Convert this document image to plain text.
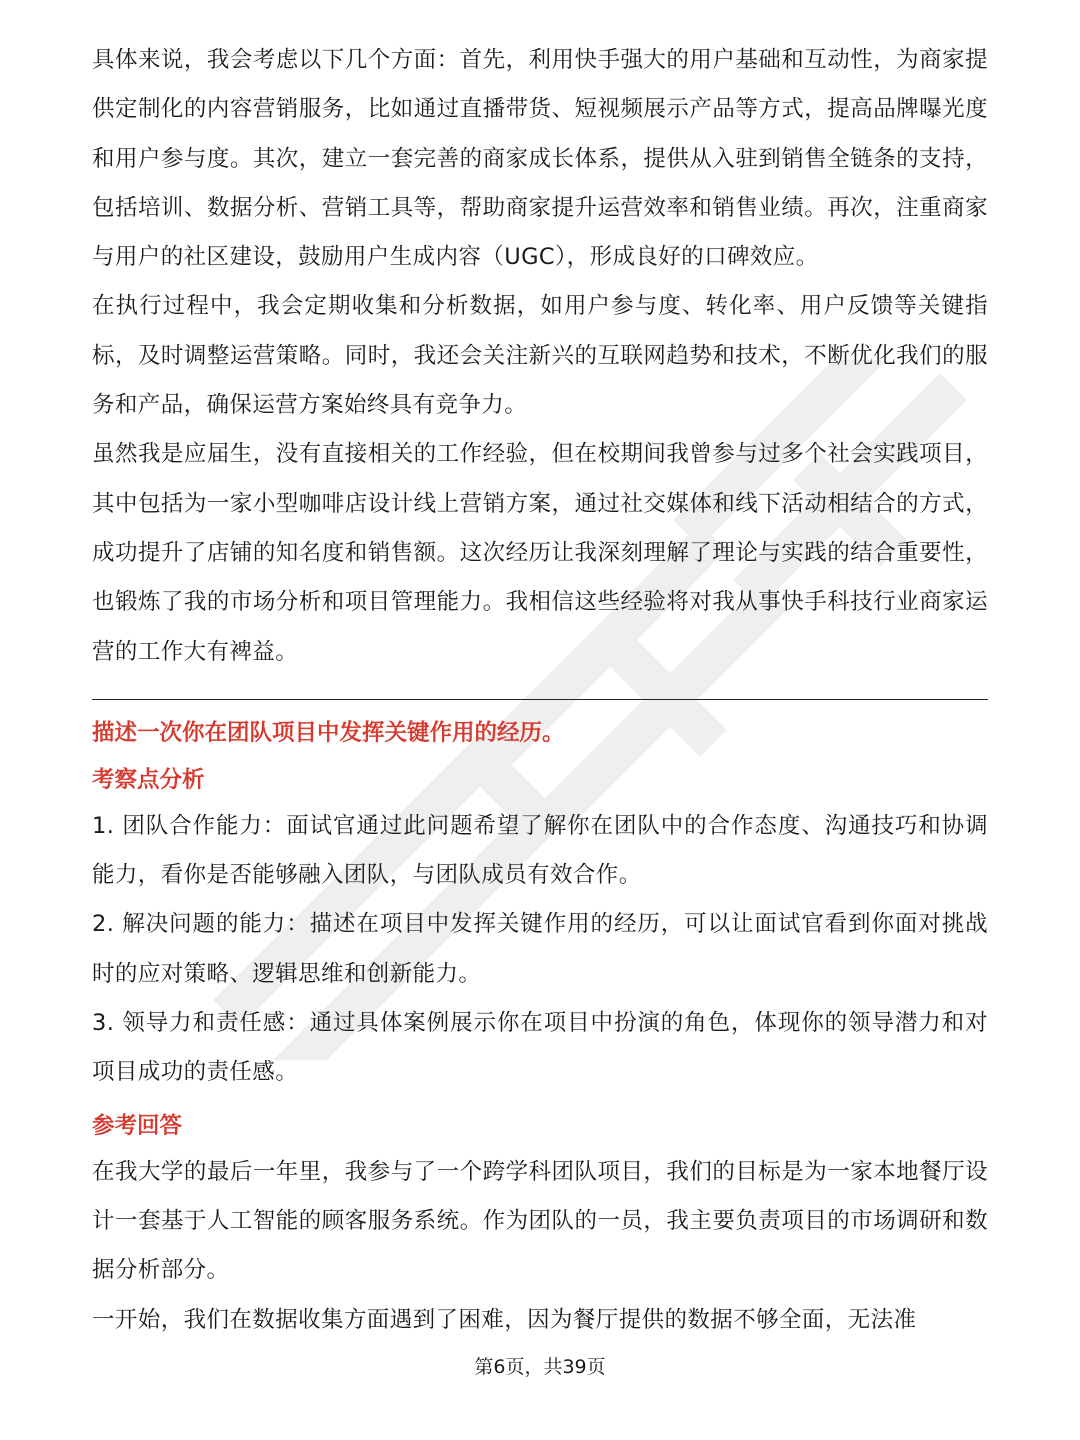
具体来说，我会考虑以下几个方面：首先，利用快手强大的用户基础和互动性，为商家提供定制化的内容营销服务，比如通过直播带货、短视频展示产品等方式，提高品牌曝光度和用户参与度。其次，建立一套完善的商家成长体系，提供从入驻到销售全链条的支持，包括培训、数据分析、营销工具等，帮助商家提升运营效率和销售业绩。再次，注重商家与用户的社区建设，鼓励用户生成内容（UGC），形成良好的口碑效应。

在执行过程中，我会定期收集和分析数据，如用户参与度、转化率、用户反馈等关键指标，及时调整运营策略。同时，我还会关注新兴的互联网趋势和技术，不断优化我们的服务和产品，确保运营方案始终具有竞争力。

虽然我是应届生，没有直接相关的工作经验，但在校期间我曾参与过多个社会实践项目，其中包括为一家小型咖啡店设计线上营销方案，通过社交媒体和线下活动相结合的方式，成功提升了店铺的知名度和销售额。这次经历让我深刻理解了理论与实践的结合重要性，也锻炼了我的市场分析和项目管理能力。我相信这些经验将对我从事快手科技行业商家运营的工作大有裨益。

描述一次你在团队项目中发挥关键作用的经历。

考察点分析

1. 团队合作能力：面试官通过此问题希望了解你在团队中的合作态度、沟通技巧和协调能力，看你是否能够融入团队，与团队成员有效合作。

2. 解决问题的能力：描述在项目中发挥关键作用的经历，可以让面试官看到你面对挑战时的应对策略、逻辑思维和创新能力。

3. 领导力和责任感：通过具体案例展示你在项目中扮演的角色，体现你的领导潜力和对项目成功的责任感。

参考回答

在我大学的最后一年里，我参与了一个跨学科团队项目，我们的目标是为一家本地餐厅设计一套基于人工智能的顾客服务系统。作为团队的一员，我主要负责项目的市场调研和数据分析部分。

一开始，我们在数据收集方面遇到了困难，因为餐厅提供的数据不够全面，无法准

第6页，共39页
